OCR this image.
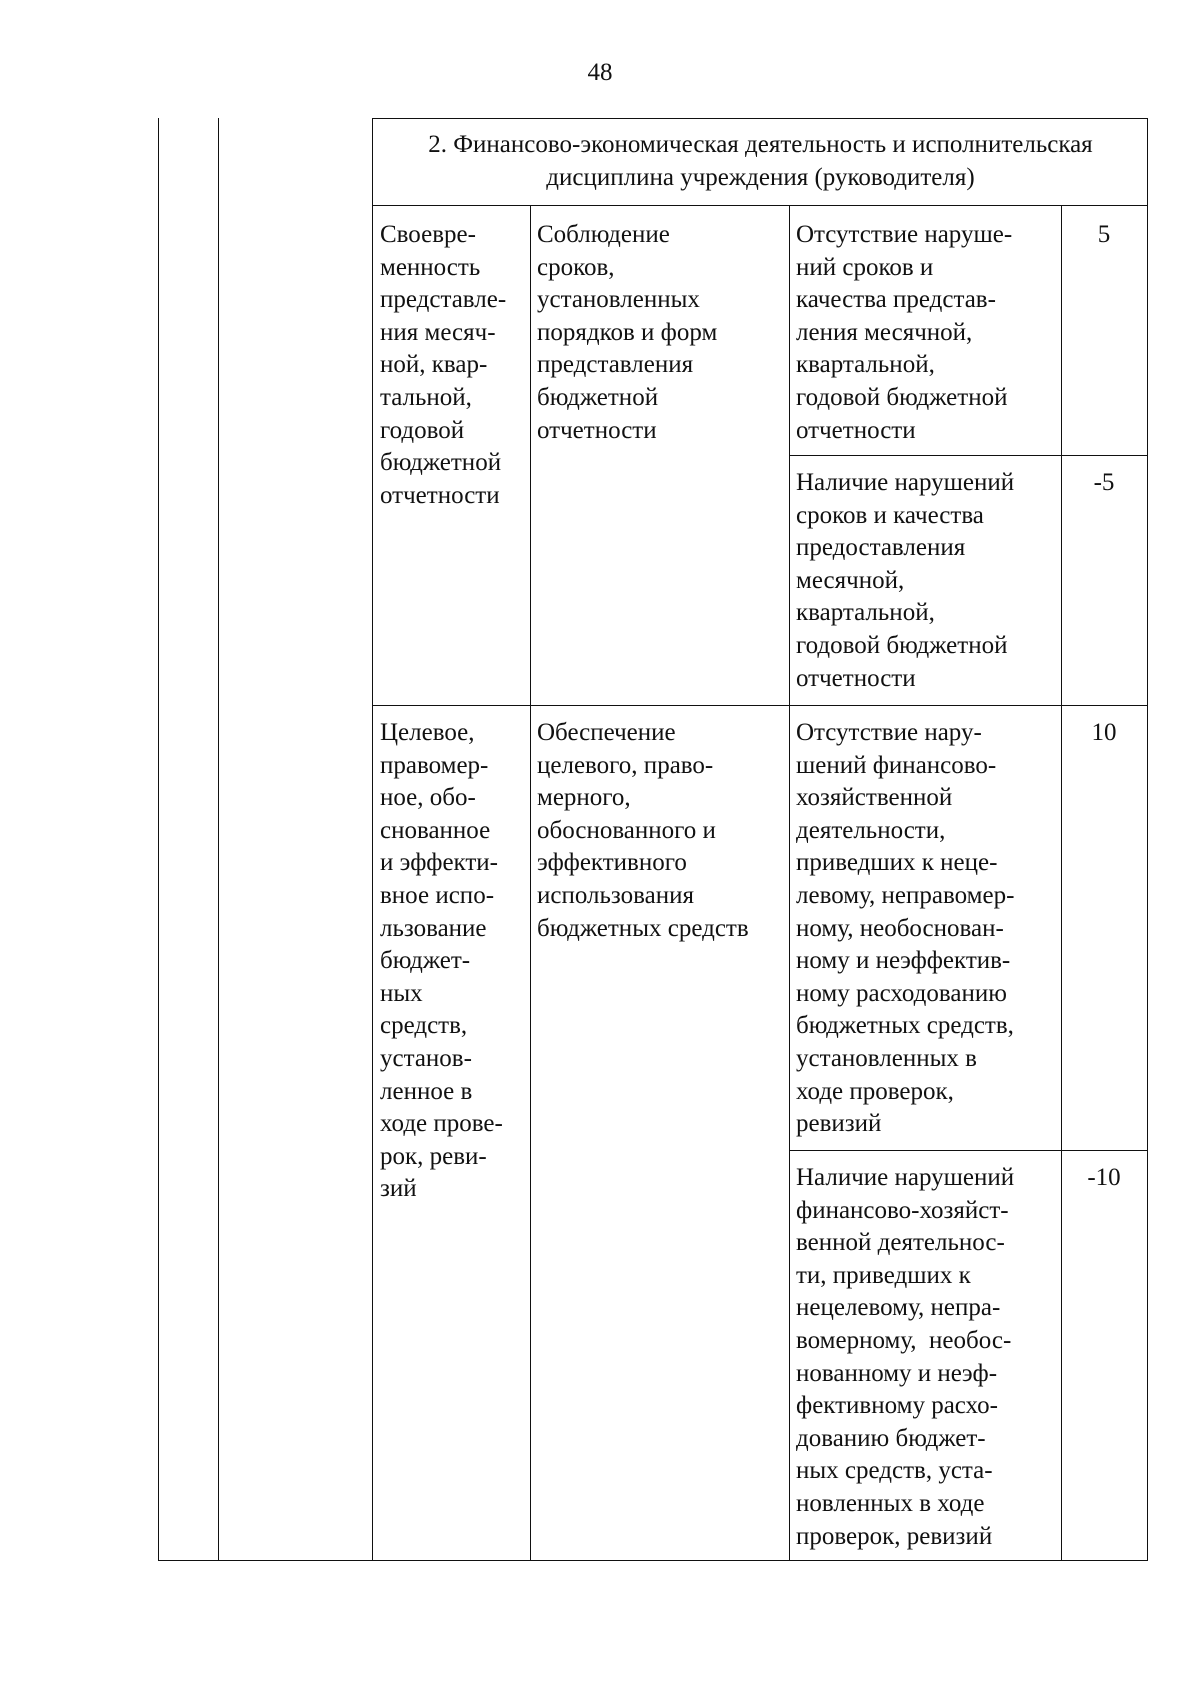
48
2. Финансово-экономическая деятельность и исполнительская
дисциплина учреждения (руководителя)
Своевре-
менность
представле-
ния месяч-
ной, квар-
тальной,
годовой
бюджетной
отчетности
Соблюдение
сроков,
установленных
порядков и форм
представления
бюджетной
отчетности
Отсутствие наруше-
ний сроков и
качества представ-
ления месячной,
квартальной,
годовой бюджетной
отчетности
5
Наличие нарушений
сроков и качества
предоставления
месячной,
квартальной,
годовой бюджетной
отчетности
-5
Целевое,
правомер-
ное, обо-
снованное
и эффекти-
вное испо-
льзование
бюджет-
ных
средств,
установ-
ленное в
ходе прове-
рок, реви-
зий
Обеспечение
целевого, право-
мерного,
обоснованного и
эффективного
использования
бюджетных средств
Отсутствие нару-
шений финансово-
хозяйственной
деятельности,
приведших к неце-
левому, неправомер-
ному, необоснован-
ному и неэффектив-
ному расходованию
бюджетных средств,
установленных в
ходе проверок,
ревизий
10
Наличие нарушений
финансово-хозяйст-
венной деятельнос-
ти, приведших к
нецелевому, непра-
вомерному,  необос-
нованному и неэф-
фективному расхо-
дованию бюджет-
ных средств, уста-
новленных в ходе
проверок, ревизий
-10
